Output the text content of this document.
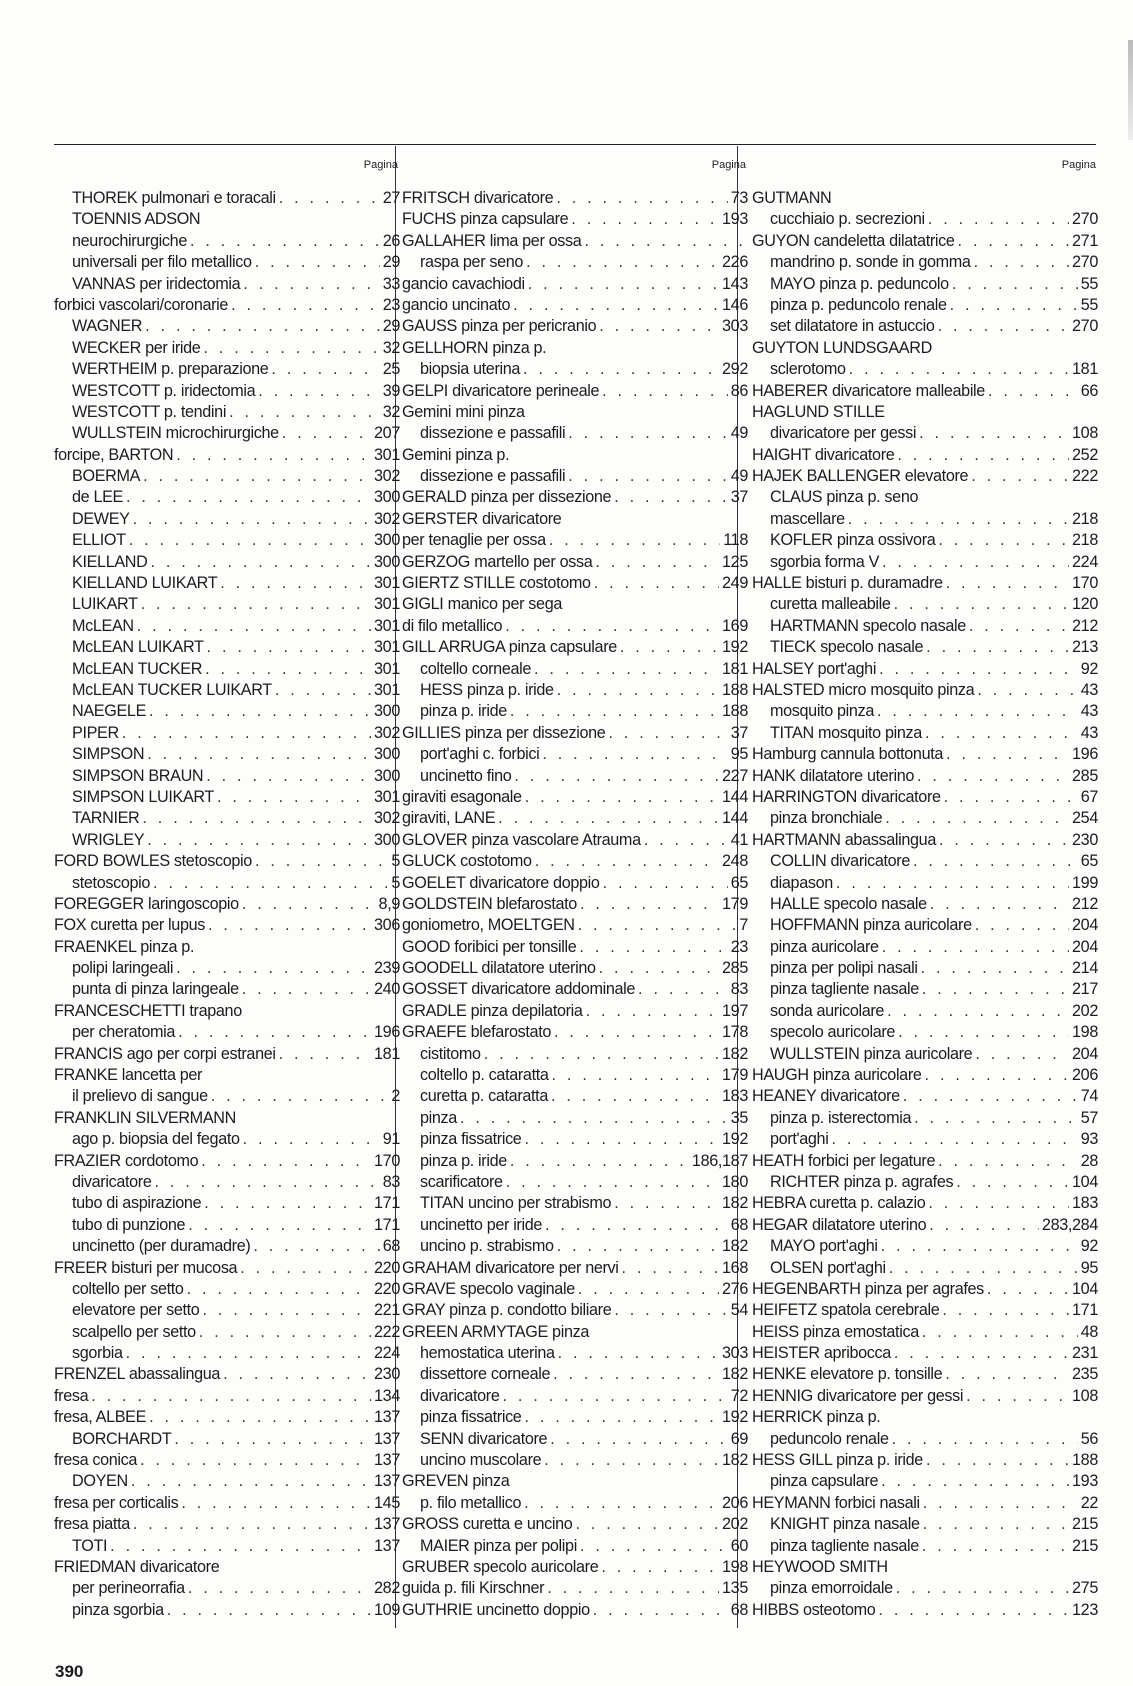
Pagina
THOREK pulmonari e toracali . . .	27
TOENNIS ADSON
neurochirurgiche . . .	26
universali per filo metallico . . .	29
VANNAS per iridectomia . . .	33
forbici vascolari/coronarie . . .	23
WAGNER . . .	29
WECKER per iride . . .	32
WERTHEIM p. preparazione . . .	25
WESTCOTT p. iridectomia . . .	39
WESTCOTT p. tendini . . .	32
WULLSTEIN microchirurgiche . . .	207
forcipe, BARTON . . .	301
BOERMA . . .	302
de LEE . . .	300
DEWEY . . .	302
ELLIOT . . .	300
KIELLAND . . .	300
KIELLAND LUIKART . . .	301
LUIKART . . .	301
McLEAN . . .	301
McLEAN LUIKART . . .	301
McLEAN TUCKER . . .	301
McLEAN TUCKER LUIKART . . .	301
NAEGELE . . .	300
PIPER . . .	302
SIMPSON . . .	300
SIMPSON BRAUN . . .	300
SIMPSON LUIKART . . .	301
TARNIER . . .	302
WRIGLEY . . .	300
FORD BOWLES stetoscopio . . .	5
stetoscopio . . .	5
FOREGGER laringoscopio . . .	8,9
FOX curetta per lupus . . .	306
FRAENKEL pinza p.
polipi laringeali . . .	239
punta di pinza laringeale . . .	240
FRANCESCHETTI trapano
per cheratomia . . .	196
FRANCIS ago per corpi estranei . . .	181
FRANKE lancetta per
il prelievo di sangue . . .	2
FRANKLIN SILVERMANN
ago p. biopsia del fegato . . .	91
FRAZIER cordotomo . . .	170
divaricatore . . .	83
tubo di aspirazione . . .	171
tubo di punzione . . .	171
uncinetto (per duramadre) . . .	68
FREER bisturi per mucosa . . .	220
coltello per setto . . .	220
elevatore per setto . . .	221
scalpello per setto . . .	222
sgorbia . . .	224
FRENZEL abassalingua . . .	230
fresa . . .	134
fresa, ALBEE . . .	137
BORCHARDT . . .	137
fresa conica . . .	137
DOYEN . . .	137
fresa per corticalis . . .	145
fresa piatta . . .	137
TOTI . . .	137
FRIEDMAN divaricatore
per perineorrafia . . .	282
pinza sgorbia . . .	109
Pagina
FRITSCH divaricatore . . .	73
FUCHS pinza capsulare . . .	193
GALLAHER lima per ossa
. . .
raspa per seno . . .	226
gancio cavachiodi . . .	143
gancio uncinato . . .	146
GAUSS pinza per pericranio . . .	303
GELLHORN pinza p.
biopsia uterina . . .	292
GELPI divaricatore perineale . . .	86
Gemini mini pinza
dissezione e passafili . . .	49
Gemini pinza p.
dissezione e passafili . . .	49
GERALD pinza per dissezione . . .	37
GERSTER divaricatore
per tenaglie per ossa . . .	118
GERZOG martello per ossa . . .	125
GIERTZ STILLE costotomo . . .	249
GIGLI manico per sega
di filo metallico . . .	169
GILL ARRUGA pinza capsulare . . .	192
coltello corneale . . .	181
HESS pinza p. iride . . .	188
pinza p. iride . . .	188
GILLIES pinza per dissezione . . .	37
port'aghi c. forbici . . .	95
uncinetto fino . . .	227
giraviti esagonale . . .	144
giraviti, LANE . . .	144
GLOVER pinza vascolare Atrauma . . .	41
GLUCK costotomo . . .	248
GOELET divaricatore doppio . . .	65
GOLDSTEIN blefarostato . . .	179
goniometro, MOELTGEN . . .	7
GOOD foribici per tonsille . . .	23
GOODELL dilatatore uterino . . .	285
GOSSET divaricatore addominale . . .	83
GRADLE pinza depilatoria . . .	197
GRAEFE blefarostato . . .	178
cistitomo . . .	182
coltello p. cataratta . . .	179
curetta p. cataratta . . .	183
pinza . . .	35
pinza fissatrice . . .	192
pinza p. iride . . .	186,187
scarificatore . . .	180
TITAN uncino per strabismo . . .	182
uncinetto per iride . . .	68
uncino p. strabismo . . .	182
GRAHAM divaricatore per nervi . . .	168
GRAVE specolo vaginale . . .	276
GRAY pinza p. condotto biliare . . .	54
GREEN ARMYTAGE pinza
hemostatica uterina . . .	303
dissettore corneale . . .	182
divaricatore . . .	72
pinza fissatrice . . .	192
SENN divaricatore . . .	69
uncino muscolare . . .	182
GREVEN pinza
p. filo metallico . . .	206
GROSS curetta e uncino . . .	202
MAIER pinza per polipi . . .	60
GRUBER specolo auricolare . . .	198
guida p. fili Kirschner . . .	135
GUTHRIE uncinetto doppio . . .	68
Pagina
GUTMANN
cucchiaio p. secrezioni . . .	270
GUYON candeletta dilatatrice . . .	271
mandrino p. sonde in gomma . . .	270
MAYO pinza p. peduncolo . . .	55
pinza p. peduncolo renale . . .	55
set dilatatore in astuccio . . .	270
GUYTON LUNDSGAARD
sclerotomo . . .	181
HABERER divaricatore malleabile . . .	66
HAGLUND STILLE
divaricatore per gessi . . .	108
HAIGHT divaricatore . . .	252
HAJEK BALLENGER elevatore . . .	222
CLAUS pinza p. seno
mascellare . . .	218
KOFLER pinza ossivora . . .	218
sgorbia forma V . . .	224
HALLE bisturi p. duramadre . . .	170
curetta malleabile . . .	120
HARTMANN specolo nasale . . .	212
TIECK specolo nasale . . .	213
HALSEY port'aghi . . .	92
HALSTED micro mosquito pinza . . .	43
mosquito pinza . . .	43
TITAN mosquito pinza . . .	43
Hamburg cannula bottonuta . . .	196
HANK dilatatore uterino . . .	285
HARRINGTON divaricatore . . .	67
pinza bronchiale . . .	254
HARTMANN abassalingua . . .	230
COLLIN divaricatore . . .	65
diapason . . .	199
HALLE specolo nasale . . .	212
HOFFMANN pinza auricolare . . .	204
pinza auricolare . . .	204
pinza per polipi nasali . . .	214
pinza tagliente nasale . . .	217
sonda auricolare . . .	202
specolo auricolare . . .	198
WULLSTEIN pinza auricolare . . .	204
HAUGH pinza auricolare . . .	206
HEANEY divaricatore . . .	74
pinza p. isterectomia . . .	57
port'aghi . . .	93
HEATH forbici per legature . . .	28
RICHTER pinza p. agrafes . . .	104
HEBRA curetta p. calazio . . .	183
HEGAR dilatatore uterino . . .	283,284
MAYO port'aghi . . .	92
OLSEN port'aghi . . .	95
HEGENBARTH pinza per agrafes . . .	104
HEIFETZ spatola cerebrale . . .	171
HEISS pinza emostatica . . .	48
HEISTER apribocca . . .	231
HENKE elevatore p. tonsille . . .	235
HENNIG divaricatore per gessi . . .	108
HERRICK pinza p.
peduncolo renale . . .	56
HESS GILL pinza p. iride . . .	188
pinza capsulare . . .	193
HEYMANN forbici nasali . . .	22
KNIGHT pinza nasale . . .	215
pinza tagliente nasale . . .	215
HEYWOOD SMITH
pinza emorroidale . . .	275
HIBBS osteotomo . . .	123
390
